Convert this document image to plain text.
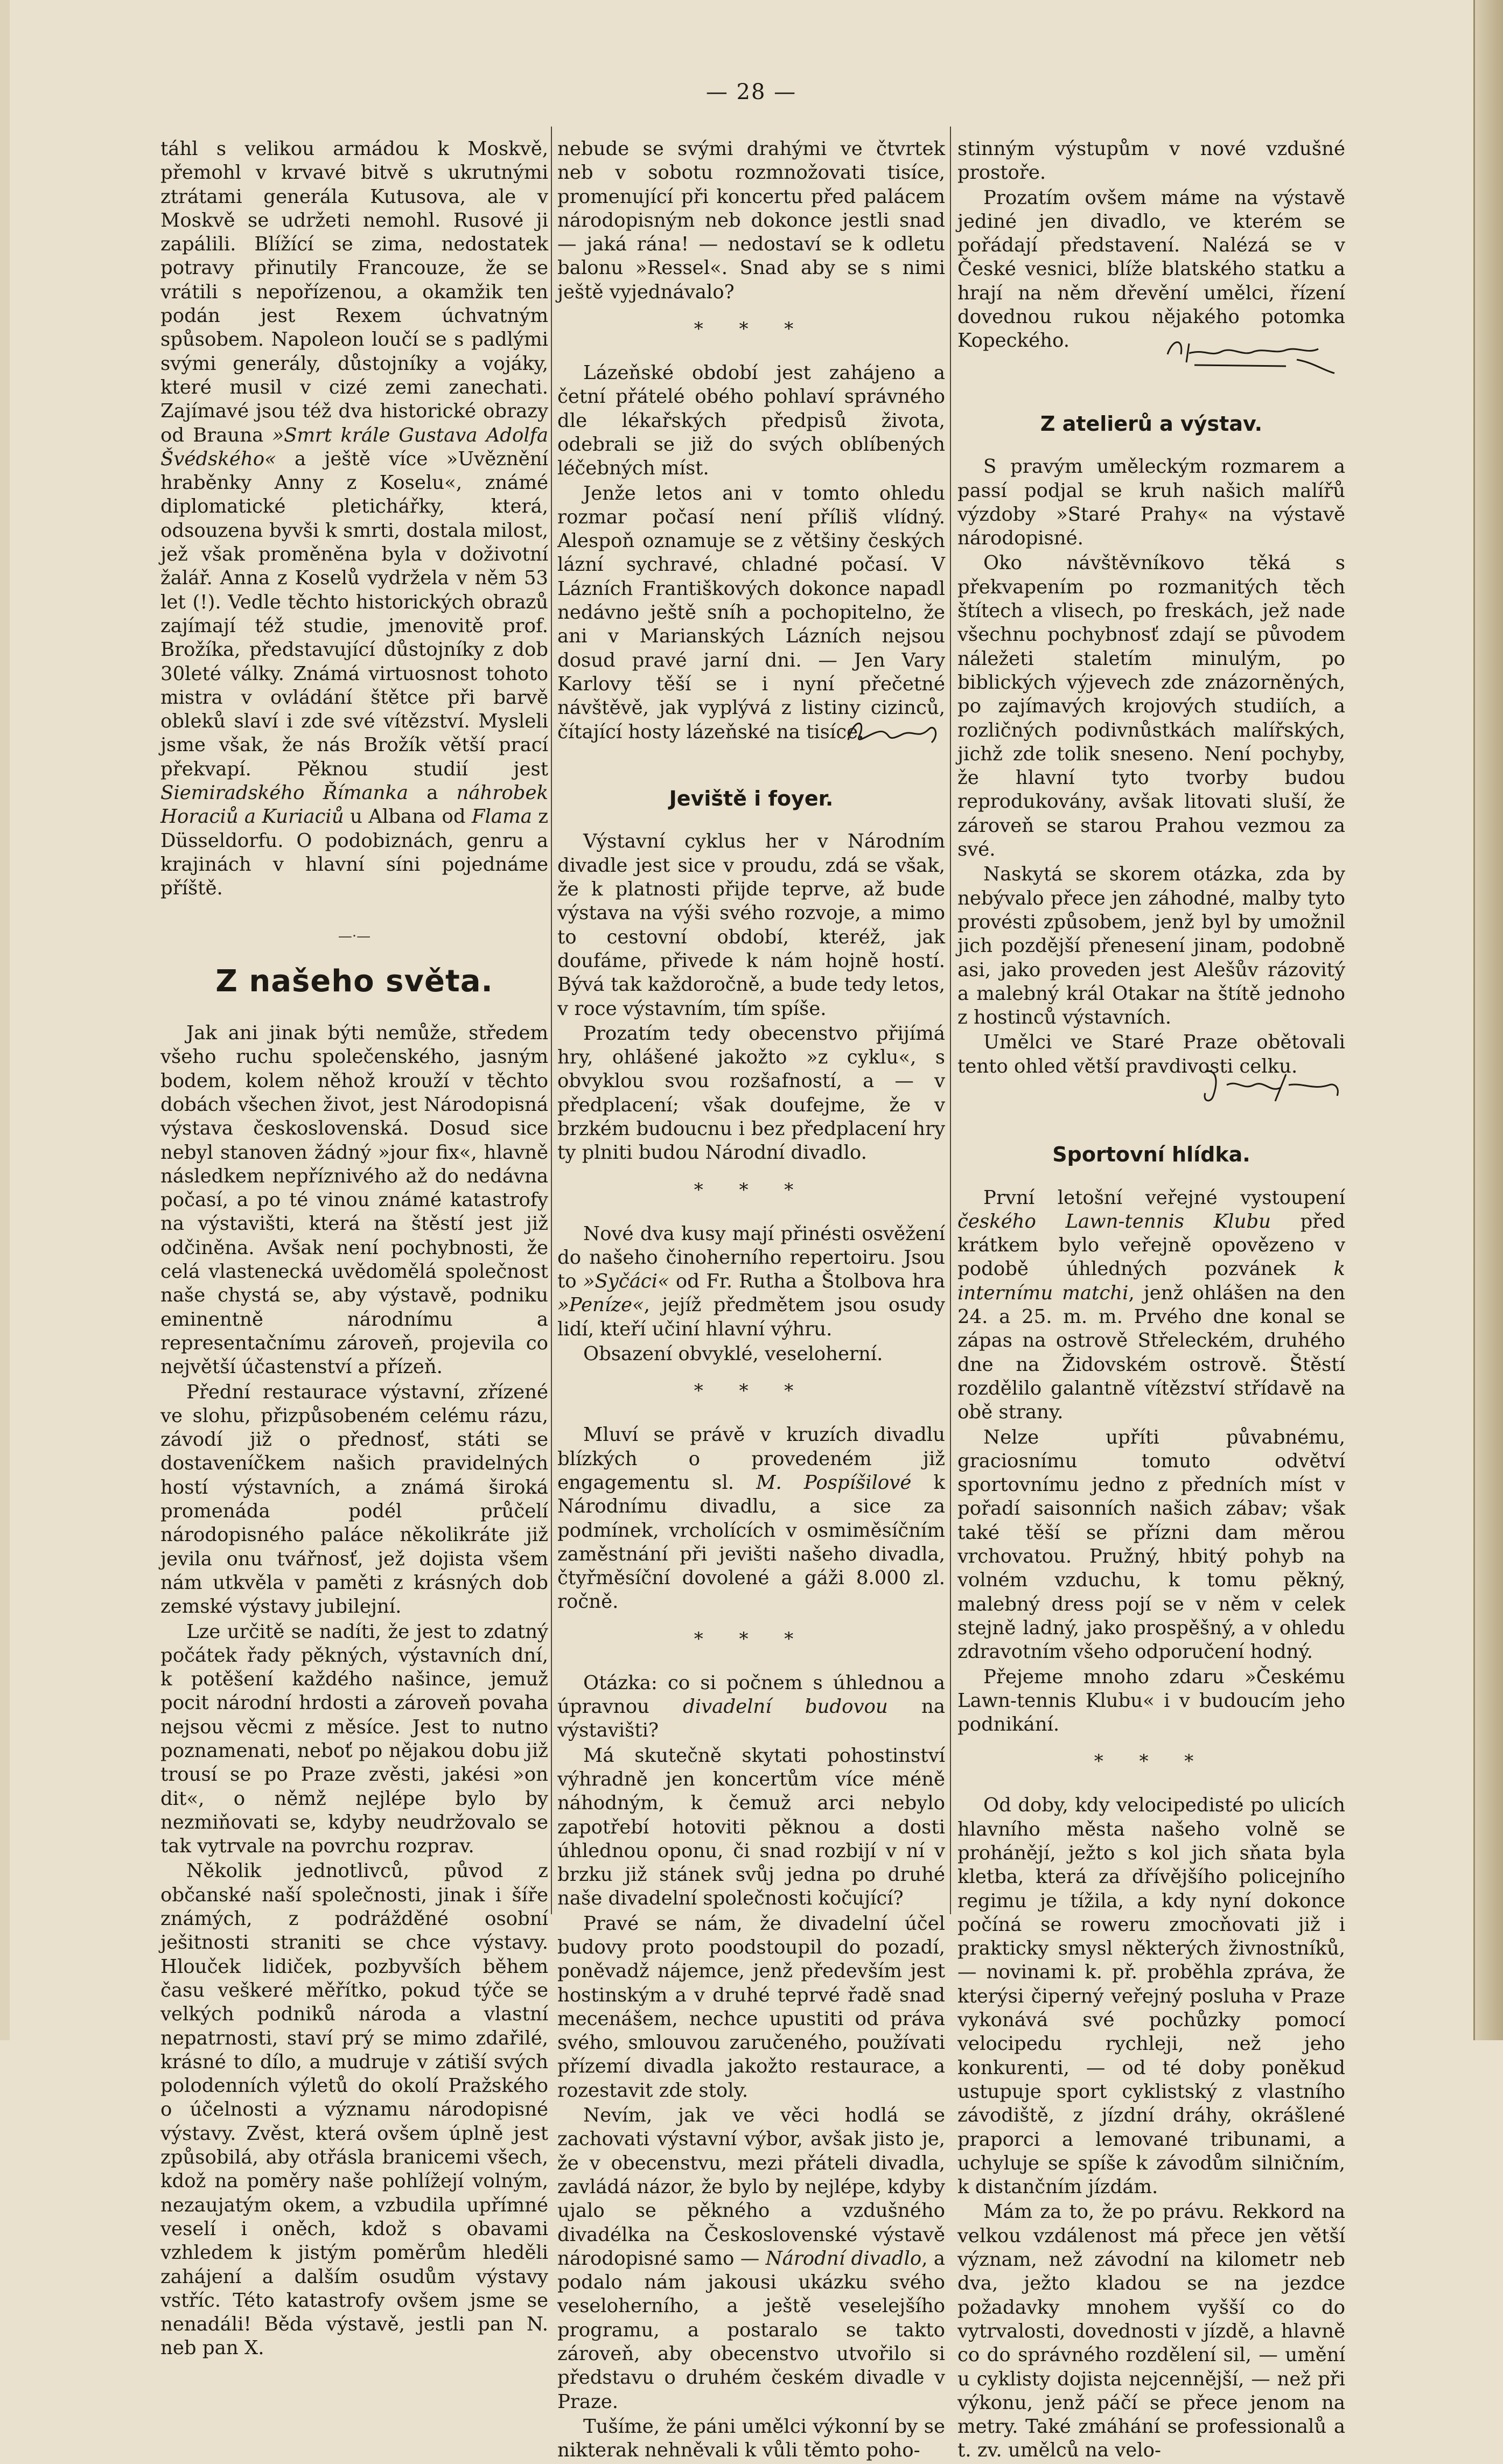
— 28 —

táhl s velikou armádou k Moskvě, přemohl v krvavé bitvě s ukrutnými ztrátami generála Kutusova, ale v Moskvě se udržeti nemohl. Rusové ji zapálili. Blížící se zima, nedostatek potravy přinutily Francouze, že se vrátili s nepořízenou, a okamžik ten podán jest Rexem úchvatným spůsobem. Napoleon loučí se s padlými svými generály, důstojníky a vojáky, které musil v cizé zemi zanechati. Zajímavé jsou též dva historické obrazy od Brauna »Smrt krále Gustava Adolfa Švédského« a ještě více »Uvěznění hraběnky Anny z Koselu«, známé diplomatické pletichářky, která, odsouzena byvši k smrti, dostala milost, jež však proměněna byla v doživotní žalář. Anna z Koselů vydržela v něm 53 let (!). Vedle těchto historických obrazů zajímají též studie, jmenovitě prof. Brožíka, představující důstojníky z dob 30leté války. Známá virtuosnost tohoto mistra v ovládání štětce při barvě obleků slaví i zde své vítězství. Mysleli jsme však, že nás Brožík větší prací překvapí. Pěknou studií jest Siemiradského Římanka a náhrobek Horaciů a Kuriaciů u Albana od Flama z Düsseldorfu. O podobiznách, genru a krajinách v hlavní síni pojednáme příště.

—·—
Z našeho světa.

Jak ani jinak býti nemůže, středem všeho ruchu společenského, jasným bodem, kolem něhož krouží v těchto dobách všechen život, jest Národopisná výstava československá. Dosud sice nebyl stanoven žádný »jour fix«, hlavně následkem nepříznivého až do nedávna počasí, a po té vinou známé katastrofy na výstavišti, která na štěstí jest již odčiněna. Avšak není pochybnosti, že celá vlastenecká uvědomělá společnost naše chystá se, aby výstavě, podniku eminentně národnímu a representačnímu zároveň, projevila co největší účastenství a přízeň.

Přední restaurace výstavní, zřízené ve slohu, přizpůsobeném celému rázu, závodí již o přednosť, státi se dostaveníčkem našich pravidelných hostí výstavních, a známá široká promenáda podél průčelí národopisného paláce několikráte již jevila onu tvářnosť, jež dojista všem nám utkvěla v paměti z krásných dob zemské výstavy jubilejní.

Lze určitě se nadíti, že jest to zdatný počátek řady pěkných, výstavních dní, k potěšení každého našince, jemuž pocit národní hrdosti a zároveň povaha nejsou věcmi z měsíce. Jest to nutno poznamenati, neboť po nějakou dobu již trousí se po Praze zvěsti, jakési »on dit«, o němž nejlépe bylo by nezmiňovati se, kdyby neudržovalo se tak vytrvale na povrchu rozprav.

Několik jednotlivců, původ z občanské naší společnosti, jinak i šíře známých, z podrážděné osobní ješitnosti straniti se chce výstavy. Hlouček lidiček, pozbyvších během času veškeré měřítko, pokud týče se velkých podniků národa a vlastní nepatrnosti, staví prý se mimo zdařilé, krásné to dílo, a mudruje v zátiší svých polodenních výletů do okolí Pražského o účelnosti a významu národopisné výstavy. Zvěst, která ovšem úplně jest způsobilá, aby otřásla branicemi všech, kdož na poměry naše pohlížejí volným, nezaujatým okem, a vzbudila upřímné veselí i oněch, kdož s obavami vzhledem k jistým poměrům hleděli zahájení a dalším osudům výstavy vstříc. Této katastrofy ovšem jsme se nenadáli! Běda výstavě, jestli pan N. neb pan X.

nebude se svými drahými ve čtvrtek neb v sobotu rozmnožovati tisíce, promenující při koncertu před palácem národopisným neb dokonce jestli snad — jaká rána! — nedostaví se k odletu balonu »Ressel«. Snad aby se s nimi ještě vyjednávalo?

* * *

Lázeňské období jest zahájeno a četní přátelé obého pohlaví správného dle lékařských předpisů života, odebrali se již do svých oblíbených léčebných míst.

Jenže letos ani v tomto ohledu rozmar počasí není příliš vlídný. Alespoň oznamuje se z většiny českých lázní sychravé, chladné počasí. V Lázních Františkových dokonce napadl nedávno ještě sníh a pochopitelno, že ani v Marianských Lázních nejsou dosud pravé jarní dni. — Jen Vary Karlovy těší se i nyní přečetné návštěvě, jak vyplývá z listiny cizinců, čítající hosty lázeňské na tisíce.

Jeviště i foyer.

Výstavní cyklus her v Národním divadle jest sice v proudu, zdá se však, že k platnosti přijde teprve, až bude výstava na výši svého rozvoje, a mimo to cestovní období, kteréž, jak doufáme, přivede k nám hojně hostí. Bývá tak každoročně, a bude tedy letos, v roce výstavním, tím spíše.

Prozatím tedy obecenstvo přijímá hry, ohlášené jakožto »z cyklu«, s obvyklou svou rozšafností, a — v předplacení; však doufejme, že v brzkém budoucnu i bez předplacení hry ty plniti budou Národní divadlo.

* * *

Nové dva kusy mají přinésti osvěžení do našeho činoherního repertoiru. Jsou to »Syčáci« od Fr. Rutha a Štolbova hra »Peníze«, jejíž předmětem jsou osudy lidí, kteří učiní hlavní výhru.

Obsazení obvyklé, veseloherní.

* * *

Mluví se právě v kruzích divadlu blízkých o provedeném již engagementu sl. M. Pospíšilové k Národnímu divadlu, a sice za podmínek, vrcholících v osmiměsíčním zaměstnání při jevišti našeho divadla, čtyřměsíční dovolené a gáži 8.000 zl. ročně.

* * *

Otázka: co si počnem s úhlednou a úpravnou divadelní budovou na výstavišti?

Má skutečně skytati pohostinství výhradně jen koncertům více méně náhodným, k čemuž arci nebylo zapotřebí hotoviti pěknou a dosti úhlednou oponu, či snad rozbijí v ní v brzku již stánek svůj jedna po druhé naše divadelní společnosti kočující?

Pravé se nám, že divadelní účel budovy proto poodstoupil do pozadí, poněvadž nájemce, jenž především jest hostinským a v druhé teprvé řadě snad mecenášem, nechce upustiti od práva svého, smlouvou zaručeného, používati přízemí divadla jakožto restaurace, a rozestavit zde stoly.

Nevím, jak ve věci hodlá se zachovati výstavní výbor, avšak jisto je, že v obecenstvu, mezi přáteli divadla, zavládá názor, že bylo by nejlépe, kdyby ujalo se pěkného a vzdušného divadélka na Československé výstavě národopisné samo — Národní divadlo, a podalo nám jakousi ukázku svého veseloherního, a ještě veselejšího programu, a postaralo se takto zároveň, aby obecenstvo utvořilo si představu o druhém českém divadle v Praze.

Tušíme, že páni umělci výkonní by se nikterak nehněvali k vůli těmto poho-

stinným výstupům v nové vzdušné prostoře.

Prozatím ovšem máme na výstavě jediné jen divadlo, ve kterém se pořádají představení. Nalézá se v České vesnici, blíže blatského statku a hrají na něm dřevění umělci, řízení dovednou rukou nějakého potomka Kopeckého.

Z atelierů a výstav.

S pravým uměleckým rozmarem a passí podjal se kruh našich malířů výzdoby »Staré Prahy« na výstavě národopisné.

Oko návštěvníkovo těká s překvapením po rozmanitých těch štítech a vlisech, po freskách, jež nade všechnu pochybnosť zdají se původem náležeti staletím minulým, po biblických výjevech zde znázorněných, po zajímavých krojových studiích, a rozličných podivnůstkách malířských, jichž zde tolik sneseno. Není pochyby, že hlavní tyto tvorby budou reprodukovány, avšak litovati sluší, že zároveň se starou Prahou vezmou za své.

Naskytá se skorem otázka, zda by nebývalo přece jen záhodné, malby tyto provésti způsobem, jenž byl by umožnil jich pozdější přenesení jinam, podobně asi, jako proveden jest Alešův rázovitý a malebný král Otakar na štítě jednoho z hostinců výstavních.

Umělci ve Staré Praze obětovali tento ohled větší pravdivosti celku.

Sportovní hlídka.

První letošní veřejné vystoupení českého Lawn-tennis Klubu před krátkem bylo veřejně opovězeno v podobě úhledných pozvánek k internímu matchi, jenž ohlášen na den 24. a 25. m. m. Prvého dne konal se zápas na ostrově Střeleckém, druhého dne na Židovském ostrově. Štěstí rozdělilo galantně vítězství střídavě na obě strany.

Nelze upříti půvabnému, graciosnímu tomuto odvětví sportovnímu jedno z předních míst v pořadí saisonních našich zábav; však také těší se přízni dam měrou vrchovatou. Pružný, hbitý pohyb na volném vzduchu, k tomu pěkný, malebný dress pojí se v něm v celek stejně ladný, jako prospěšný, a v ohledu zdravotním všeho odporučení hodný.

Přejeme mnoho zdaru »Českému Lawn-tennis Klubu« i v budoucím jeho podnikání.

* * *

Od doby, kdy velocipedisté po ulicích hlavního města našeho volně se prohánějí, ježto s kol jich sňata byla kletba, která za dřívějšího policejního regimu je tížila, a kdy nyní dokonce počíná se roweru zmocňovati již i prakticky smysl některých živnostníků, — novinami k. př. proběhla zpráva, že kterýsi čiperný veřejný posluha v Praze vykonává své pochůzky pomocí velocipedu rychleji, než jeho konkurenti, — od té doby poněkud ustupuje sport cyklistský z vlastního závodiště, z jízdní dráhy, okrášlené praporci a lemované tribunami, a uchyluje se spíše k závodům silničním, k distančním jízdám.

Mám za to, že po právu. Rekkord na velkou vzdálenost má přece jen větší význam, než závodní na kilometr neb dva, ježto kladou se na jezdce požadavky mnohem vyšší co do vytrvalosti, dovednosti v jízdě, a hlavně co do správného rozdělení sil, — umění u cyklisty dojista nejcennější, — než při výkonu, jenž páčí se přece jenom na metry. Také zmáhání se professionalů a t. zv. umělců na velo-
